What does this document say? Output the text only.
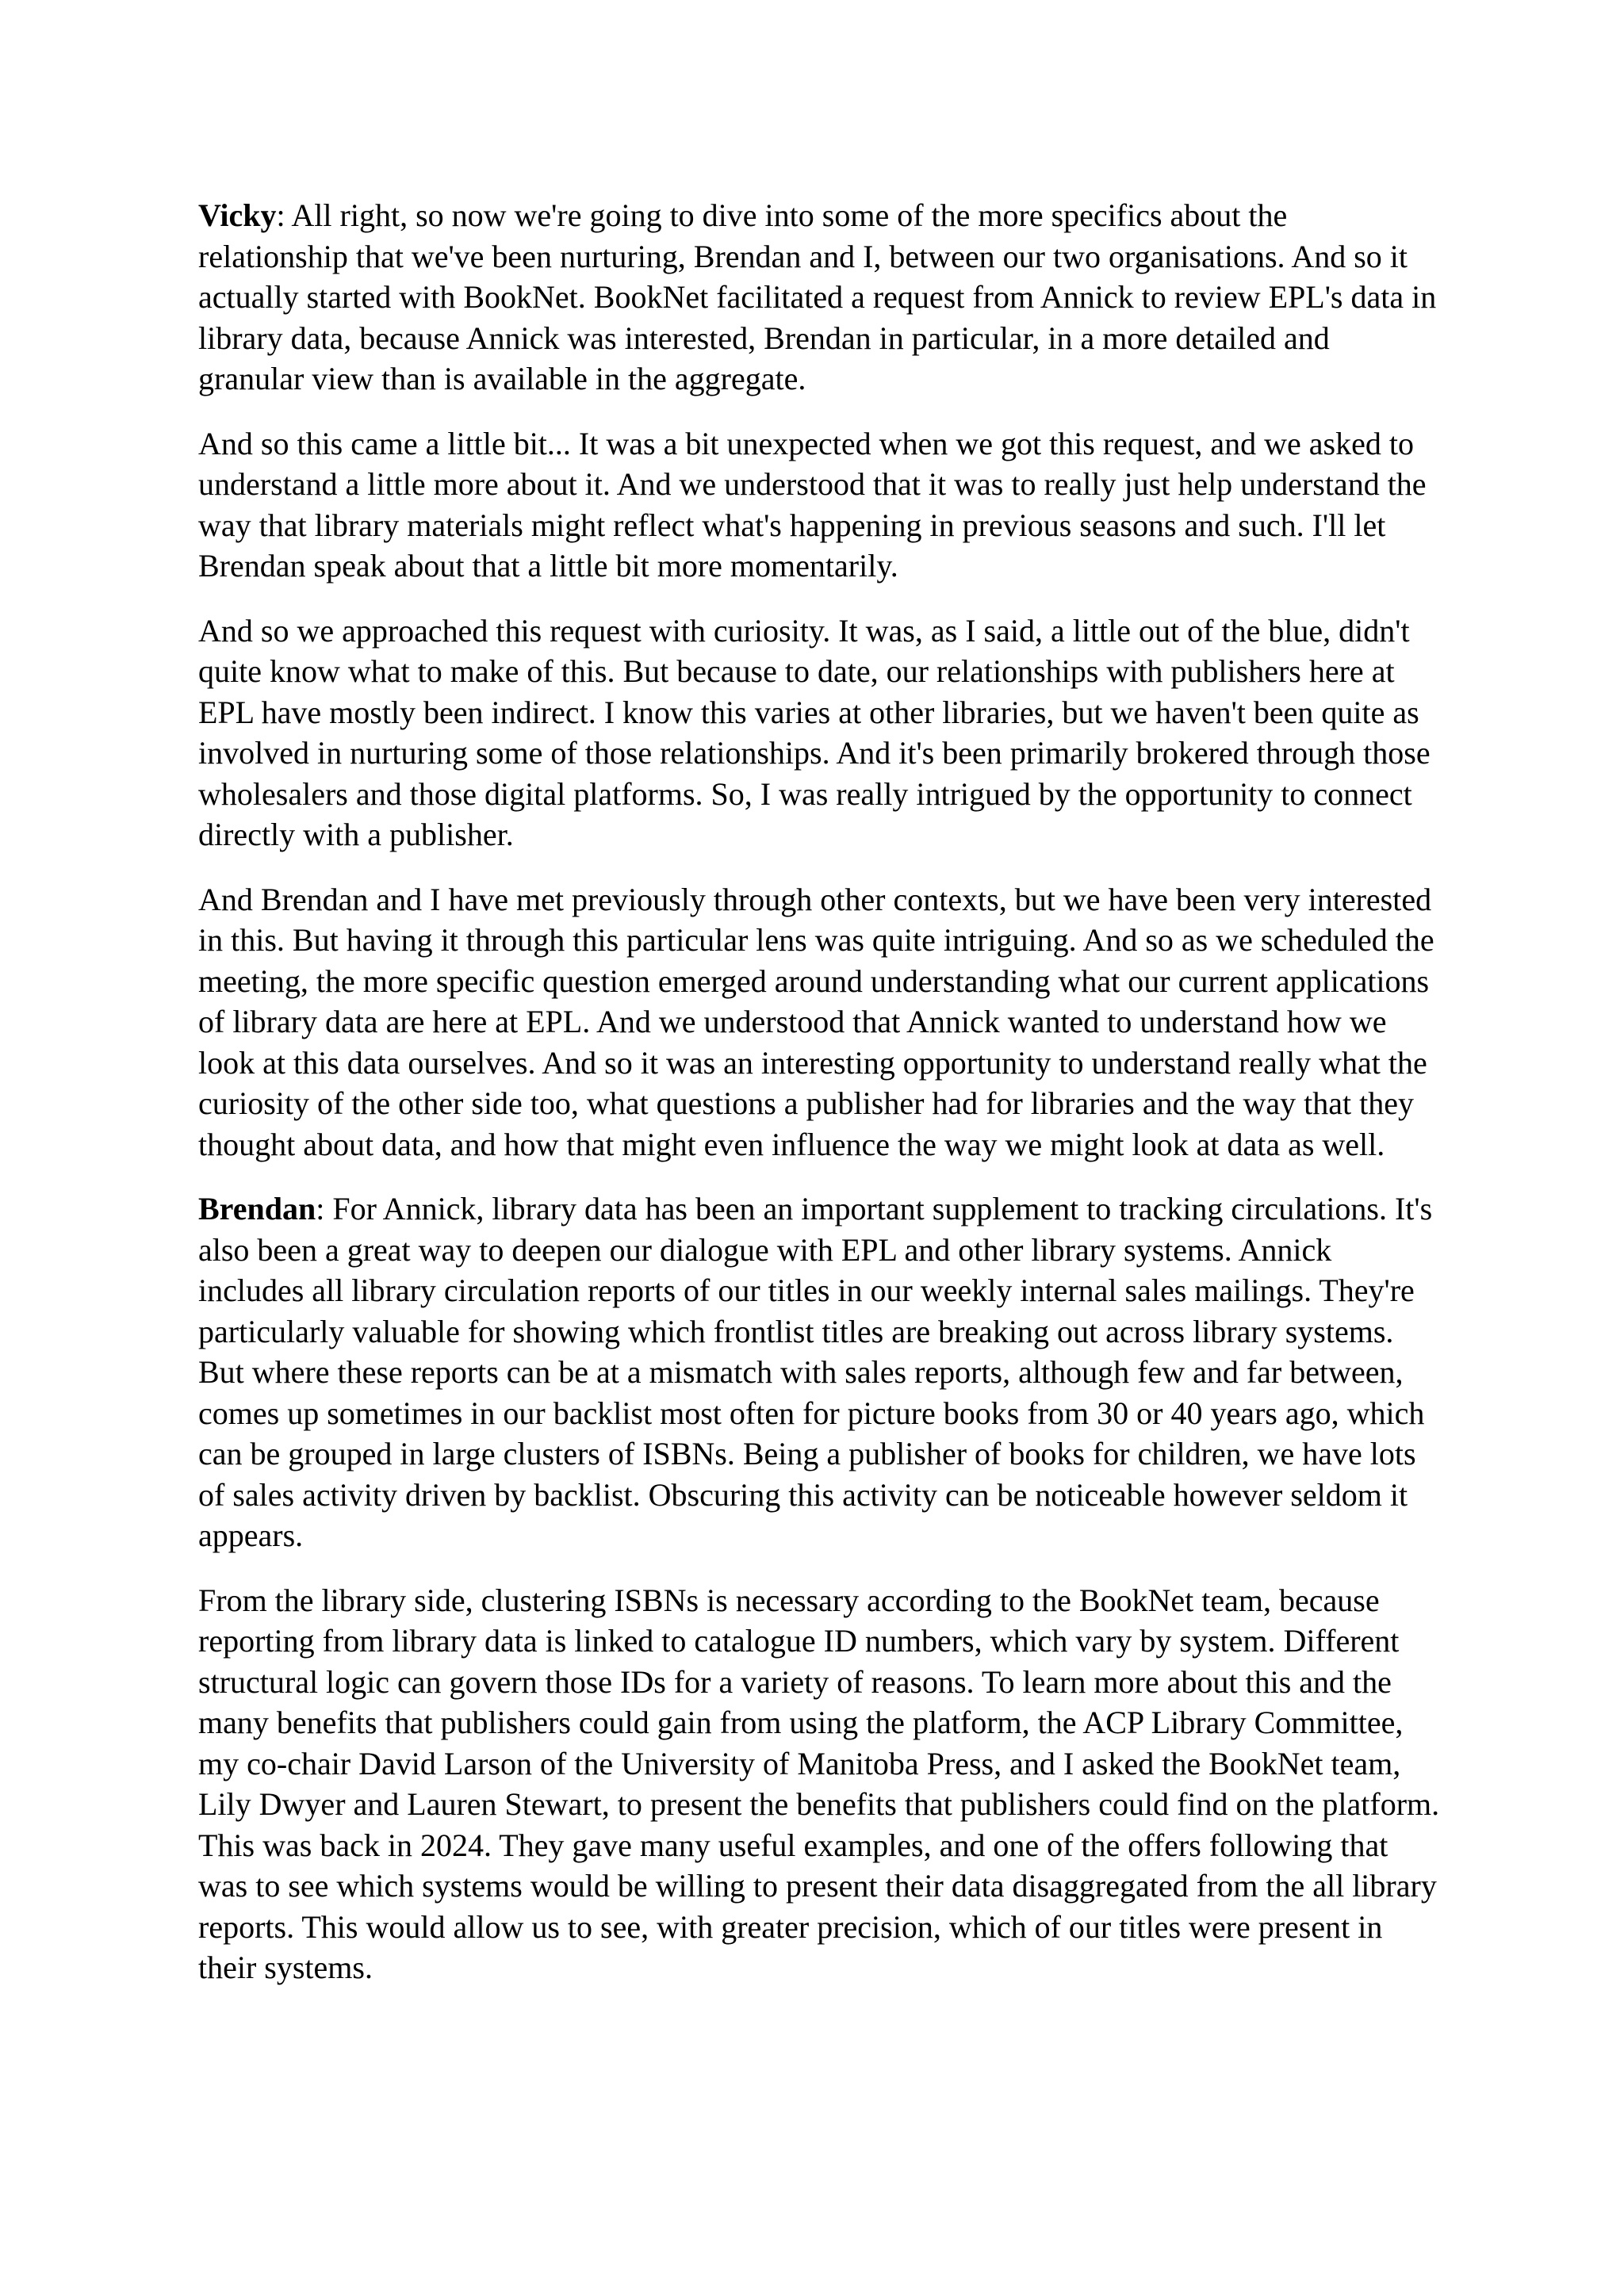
Vicky: All right, so now we're going to dive into some of the more specifics about the relationship that we've been nurturing, Brendan and I, between our two organisations. And so it actually started with BookNet. BookNet facilitated a request from Annick to review EPL's data in library data, because Annick was interested, Brendan in particular, in a more detailed and granular view than is available in the aggregate.

And so this came a little bit... It was a bit unexpected when we got this request, and we asked to understand a little more about it. And we understood that it was to really just help understand the way that library materials might reflect what's happening in previous seasons and such. I'll let Brendan speak about that a little bit more momentarily.

And so we approached this request with curiosity. It was, as I said, a little out of the blue, didn't quite know what to make of this. But because to date, our relationships with publishers here at EPL have mostly been indirect. I know this varies at other libraries, but we haven't been quite as involved in nurturing some of those relationships. And it's been primarily brokered through those wholesalers and those digital platforms. So, I was really intrigued by the opportunity to connect directly with a publisher.

And Brendan and I have met previously through other contexts, but we have been very interested in this. But having it through this particular lens was quite intriguing. And so as we scheduled the meeting, the more specific question emerged around understanding what our current applications of library data are here at EPL. And we understood that Annick wanted to understand how we look at this data ourselves. And so it was an interesting opportunity to understand really what the curiosity of the other side too, what questions a publisher had for libraries and the way that they thought about data, and how that might even influence the way we might look at data as well.

Brendan: For Annick, library data has been an important supplement to tracking circulations. It's also been a great way to deepen our dialogue with EPL and other library systems. Annick includes all library circulation reports of our titles in our weekly internal sales mailings. They're particularly valuable for showing which frontlist titles are breaking out across library systems. But where these reports can be at a mismatch with sales reports, although few and far between, comes up sometimes in our backlist most often for picture books from 30 or 40 years ago, which can be grouped in large clusters of ISBNs. Being a publisher of books for children, we have lots of sales activity driven by backlist. Obscuring this activity can be noticeable however seldom it appears.

From the library side, clustering ISBNs is necessary according to the BookNet team, because reporting from library data is linked to catalogue ID numbers, which vary by system. Different structural logic can govern those IDs for a variety of reasons. To learn more about this and the many benefits that publishers could gain from using the platform, the ACP Library Committee, my co-chair David Larson of the University of Manitoba Press, and I asked the BookNet team, Lily Dwyer and Lauren Stewart, to present the benefits that publishers could find on the platform. This was back in 2024. They gave many useful examples, and one of the offers following that was to see which systems would be willing to present their data disaggregated from the all library reports. This would allow us to see, with greater precision, which of our titles were present in their systems.
